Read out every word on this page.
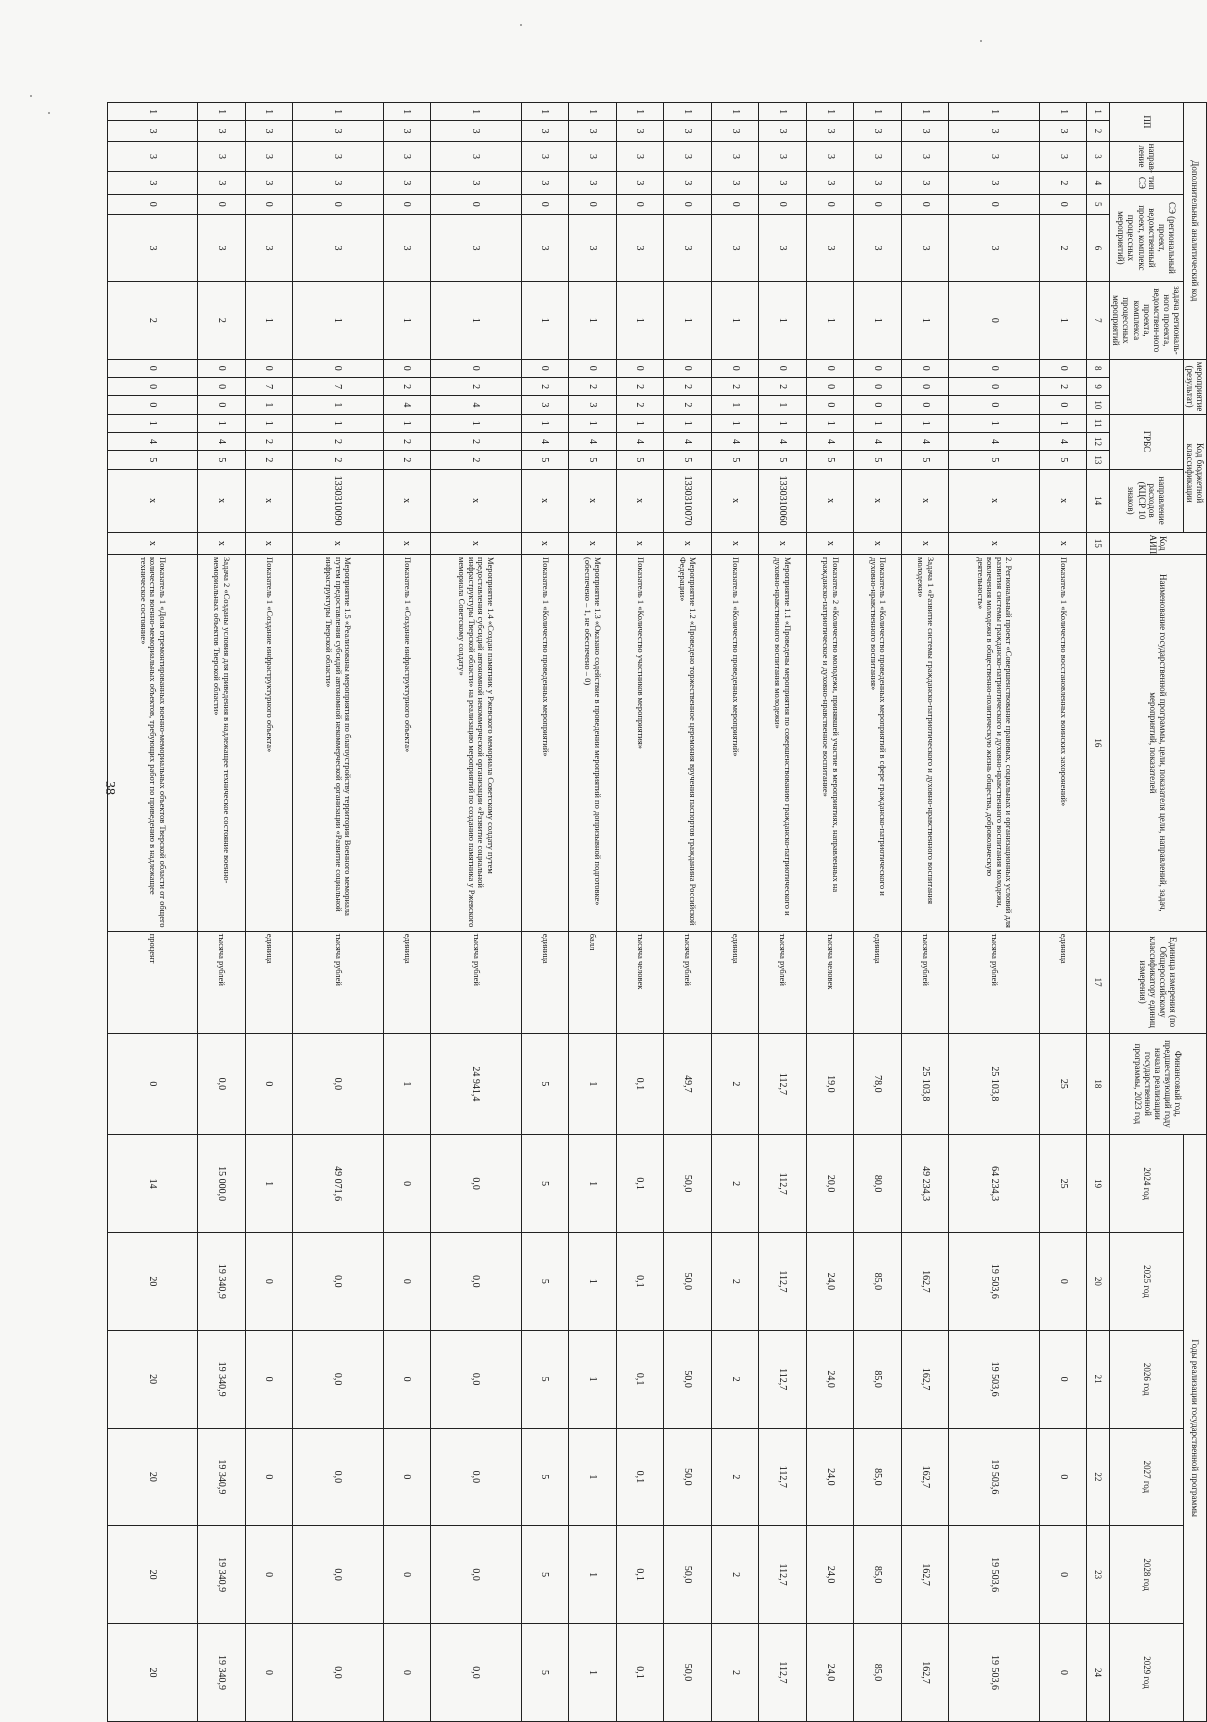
38
Дополнительный аналитический код							мероприятие (результат)			Код бюджетной классификации				Код АИП	Наименование государственной программы, цели, показателя цели, направлений, задач, мероприятий, показателей	Единица измерения (по Общероссийскому классификатору единиц измерения)	Финансовый год, предшествующий году начала реализации государственной программы, 2023 год	Годы реализации государственной программы					
ПП		направ-ление	тип СЭ	СЭ (региональный проект, ведомственный проект, комплекс процессных мероприятий)		задача региональ-ного проекта, ведомствен-ного проекта, комплекса процессных мероприятий				ГРБС			направление расходов (КЦСР 10 знаков)										
																		2024 год	2025 год	2026 год	2027 год	2028 год	2029 год
1	2	3	4	5	6	7	8	9	10	11	12	13	14	15	16	17	18	19	20	21	22	23	24
1	3	3	2	0	2	1	0	2	0	1	4	5	x	x	Показатель 1 «Количество восстановленных воинских захоронений»	единица	25	25	0	0	0	0	0
1	3	3	3	0	3	0	0	0	0	1	4	5	x	x	2. Региональный проект «Совершенствование правовых, социальных и организационных условий для развития системы гражданско-патриотического и духовно-нравственного воспитания молодежи, вовлечения молодежи в общественно-политическую жизнь общества, добровольческую деятельность»	тысяча рублей	25 103,8	64 234,3	19 503,6	19 503,6	19 503,6	19 503,6	19 503,6
1	3	3	3	0	3	1	0	0	0	1	4	5	x	x	Задача 1 «Развитие системы гражданско-патриотического и духовно-нравственного воспитания молодежи»	тысяча рублей	25 103,8	49 234,3	162,7	162,7	162,7	162,7	162,7
1	3	3	3	0	3	1	0	0	0	1	4	5	x	x	Показатель 1 «Количество проведенных мероприятий в сфере гражданско-патриотического и духовно-нравственного воспитания»	единица	78,0	80,0	85,0	85,0	85,0	85,0	85,0
1	3	3	3	0	3	1	0	0	0	1	4	5	x	x	Показатель 2 «Количество молодежи, принявшей участие в мероприятиях, направленных на гражданско-патриотическое и духовно-нравственное воспитание»	тысяча человек	19,0	20,0	24,0	24,0	24,0	24,0	24,0
1	3	3	3	0	3	1	0	2	1	1	4	5	1330310060	x	Мероприятие 1.1 «Проведены мероприятия по совершенствованию гражданско-патриотического и духовно-нравственного воспитания молодежи»	тысяча рублей	112,7	112,7	112,7	112,7	112,7	112,7	112,7
1	3	3	3	0	3	1	0	2	1	1	4	5	x	x	Показатель 1 «Количество проведенных мероприятий»	единица	2	2	2	2	2	2	2
1	3	3	3	0	3	1	0	2	2	1	4	5	1330310070	x	Мероприятие 1.2 «Проведено торжественное церемония вручения паспортов гражданина Российской Федерации»	тысяча рублей	49,7	50,0	50,0	50,0	50,0	50,0	50,0
1	3	3	3	0	3	1	0	2	2	1	4	5	x	x	Показатель 1 «Количество участников мероприятия»	тысяча человек	0,1	0,1	0,1	0,1	0,1	0,1	0,1
1	3	3	3	0	3	1	0	2	3	1	4	5	x	x	Мероприятие 1.3 «Оказано содействие в проведении мероприятий по допризывной подготовке» (обеспечено – 1, не обеспечено – 0)	балл	1	1	1	1	1	1	1
1	3	3	3	0	3	1	0	2	3	1	4	5	x	x	Показатель 1 «Количество проведенных мероприятий»	единица	5	5	5	5	5	5	5
1	3	3	3	0	3	1	0	2	4	1	2	2	x	x	Мероприятие 1.4 «Создан памятник у Ржевского мемориала Советскому солдату путем предоставления субсидий автономной некоммерческой организации «Развитие социальной инфраструктуры Тверской области» на реализацию мероприятий по созданию памятника у Ржевского мемориала Советскому солдату»	тысяча рублей	24 941,4	0,0	0,0	0,0	0,0	0,0	0,0
1	3	3	3	0	3	1	0	2	4	1	2	2	x	x	Показатель 1 «Создание инфраструктурного объекта»	единица	1	0	0	0	0	0	0
1	3	3	3	0	3	1	0	7	1	1	2	2	1330310090	x	Мероприятие 1.5 «Реализованы мероприятия по благоустройству территории Военного мемориала путем предоставления субсидий автономной некоммерческой организации «Развитие социальной инфраструктуры Тверской области»	тысяча рублей	0,0	49 071,6	0,0	0,0	0,0	0,0	0,0
1	3	3	3	0	3	1	0	7	1	1	2	2	x	x	Показатель 1 «Создание инфраструктурного объекта»	единица	0	1	0	0	0	0	0
1	3	3	3	0	3	2	0	0	0	1	4	5	x	x	Задача 2 «Созданы условия для приведения в надлежащее техническое состояние военно-мемориальных объектов Тверской области»	тысяча рублей	0,0	15 000,0	19 340,9	19 340,9	19 340,9	19 340,9	19 340,9
1	3	3	3	0	3	2	0	0	0	1	4	5	x	x	Показатель 1 «Доля отремонтированных военно-мемориальных объектов Тверской области от общего количества военно-мемориальных объектов, требующих работ по приведению в надлежащее техническое состояние»	процент	0	14	20	20	20	20	20
